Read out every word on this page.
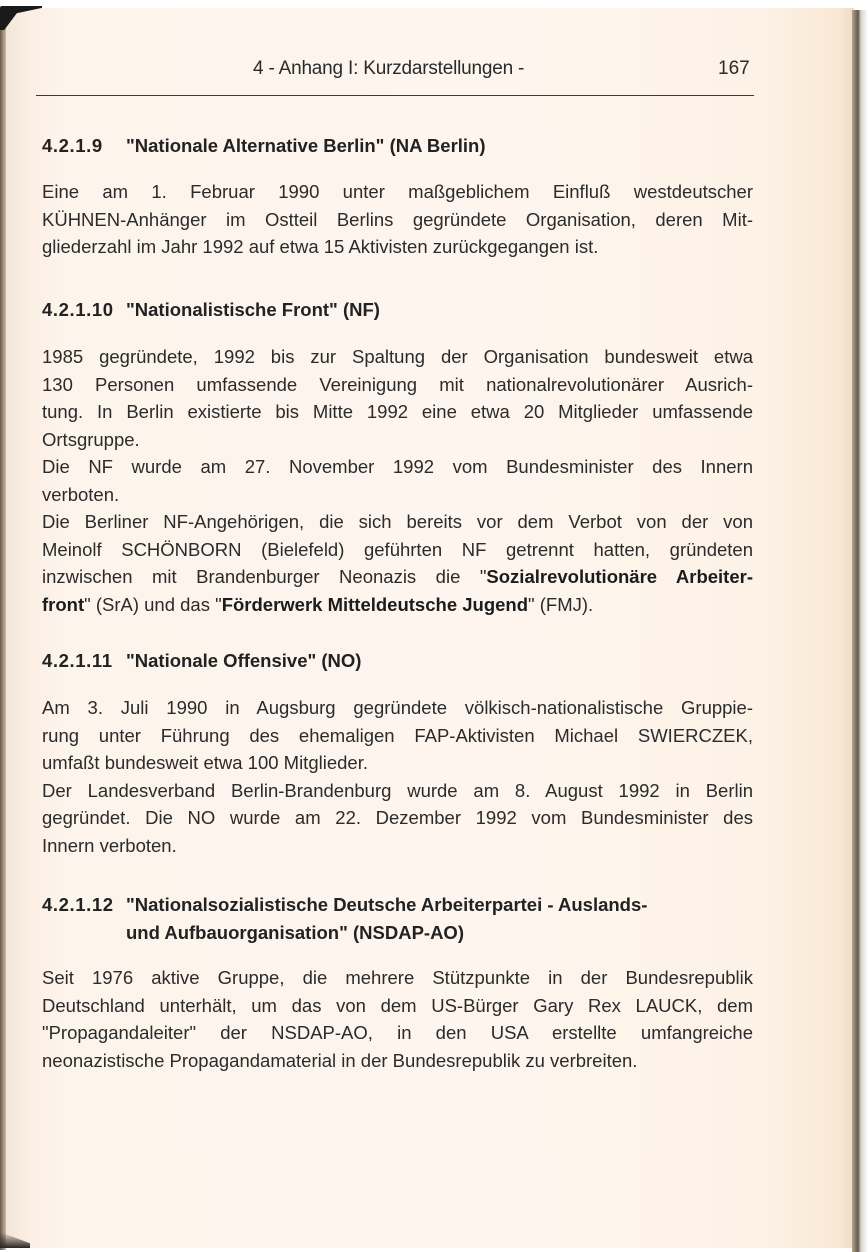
4 - Anhang I: Kurzdarstellungen -	167
4.2.1.9 "Nationale Alternative Berlin" (NA Berlin)
Eine am 1. Februar 1990 unter maßgeblichem Einfluß westdeutscher
KÜHNEN-Anhänger im Ostteil Berlins gegründete Organisation, deren Mit-
gliederzahl im Jahr 1992 auf etwa 15 Aktivisten zurückgegangen ist.
4.2.1.10 "Nationalistische Front" (NF)
1985 gegründete, 1992 bis zur Spaltung der Organisation bundesweit etwa
130 Personen umfassende Vereinigung mit nationalrevolutionärer Ausrich-
tung. In Berlin existierte bis Mitte 1992 eine etwa 20 Mitglieder umfassende
Ortsgruppe.
Die NF wurde am 27. November 1992 vom Bundesminister des Innern
verboten.
Die Berliner NF-Angehörigen, die sich bereits vor dem Verbot von der von
Meinolf SCHÖNBORN (Bielefeld) geführten NF getrennt hatten, gründeten
inzwischen mit Brandenburger Neonazis die "Sozialrevolutionäre Arbeiter-
front" (SrA) und das "Förderwerk Mitteldeutsche Jugend" (FMJ).
4.2.1.11 "Nationale Offensive" (NO)
Am 3. Juli 1990 in Augsburg gegründete völkisch-nationalistische Gruppie-
rung unter Führung des ehemaligen FAP-Aktivisten Michael SWIERCZEK,
umfaßt bundesweit etwa 100 Mitglieder.
Der Landesverband Berlin-Brandenburg wurde am 8. August 1992 in Berlin
gegründet. Die NO wurde am 22. Dezember 1992 vom Bundesminister des
Innern verboten.
4.2.1.12 "Nationalsozialistische Deutsche Arbeiterpartei - Auslands-
und Aufbauorganisation" (NSDAP-AO)
Seit 1976 aktive Gruppe, die mehrere Stützpunkte in der Bundesrepublik
Deutschland unterhält, um das von dem US-Bürger Gary Rex LAUCK, dem
"Propagandaleiter" der NSDAP-AO, in den USA erstellte umfangreiche
neonazistische Propagandamaterial in der Bundesrepublik zu verbreiten.
